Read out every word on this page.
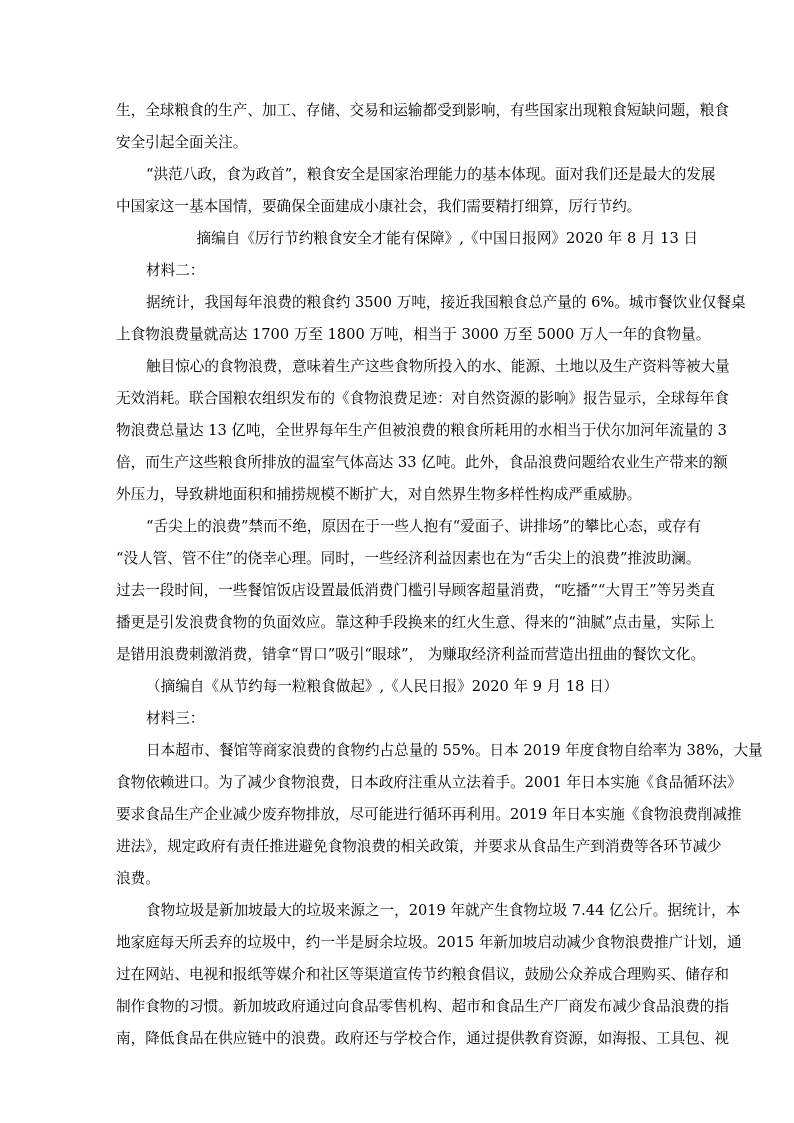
生，全球粮食的生产、加工、存储、交易和运输都受到影响，有些国家出现粮食短缺问题，粮食
安全引起全面关注。
“洪范八政，食为政首”，粮食安全是国家治理能力的基本体现。面对我们还是最大的发展
中国家这一基本国情，要确保全面建成小康社会，我们需要精打细算，厉行节约。
摘编自《厉行节约粮食安全才能有保障》,《中国日报网》2020 年 8 月 13 日
材料二：
据统计，我国每年浪费的粮食约 3500 万吨，接近我国粮食总产量的 6%。城市餐饮业仅餐桌
上食物浪费量就高达 1700 万至 1800 万吨，相当于 3000 万至 5000 万人一年的食物量。
触目惊心的食物浪费，意味着生产这些食物所投入的水、能源、土地以及生产资料等被大量
无效消耗。联合国粮农组织发布的《食物浪费足迹：对自然资源的影响》报告显示，全球每年食
物浪费总量达 13 亿吨，全世界每年生产但被浪费的粮食所耗用的水相当于伏尔加河年流量的 3
倍，而生产这些粮食所排放的温室气体高达 33 亿吨。此外，食品浪费问题给农业生产带来的额
外压力，导致耕地面积和捕捞规模不断扩大，对自然界生物多样性构成严重威胁。
“舌尖上的浪费”禁而不绝，原因在于一些人抱有“爱面子、讲排场”的攀比心态，或存有
“没人管、管不住”的侥幸心理。同时，一些经济利益因素也在为“舌尖上的浪费”推波助澜。
过去一段时间，一些餐馆饭店设置最低消费门槛引导顾客超量消费，“吃播”“大胃王”等另类直
播更是引发浪费食物的负面效应。靠这种手段换来的红火生意、得来的“油腻”点击量，实际上
是错用浪费刺激消费，错拿“胃口”吸引“眼球”， 为赚取经济利益而营造出扭曲的餐饮文化。
（摘编自《从节约每一粒粮食做起》,《人民日报》2020 年 9 月 18 日）
材料三：
日本超市、餐馆等商家浪费的食物约占总量的 55%。日本 2019 年度食物自给率为 38%，大量
食物依赖进口。为了减少食物浪费，日本政府注重从立法着手。2001 年日本实施《食品循环法》
要求食品生产企业减少废弃物排放，尽可能进行循环再利用。2019 年日本实施《食物浪费削减推
进法》，规定政府有责任推进避免食物浪费的相关政策，并要求从食品生产到消费等各环节减少
浪费。
食物垃圾是新加坡最大的垃圾来源之一，2019 年就产生食物垃圾 7.44 亿公斤。据统计，本
地家庭每天所丢弃的垃圾中，约一半是厨余垃圾。2015 年新加坡启动减少食物浪费推广计划，通
过在网站、电视和报纸等媒介和社区等渠道宣传节约粮食倡议，鼓励公众养成合理购买、储存和
制作食物的习惯。新加坡政府通过向食品零售机构、超市和食品生产厂商发布减少食品浪费的指
南，降低食品在供应链中的浪费。政府还与学校合作，通过提供教育资源，如海报、工具包、视
